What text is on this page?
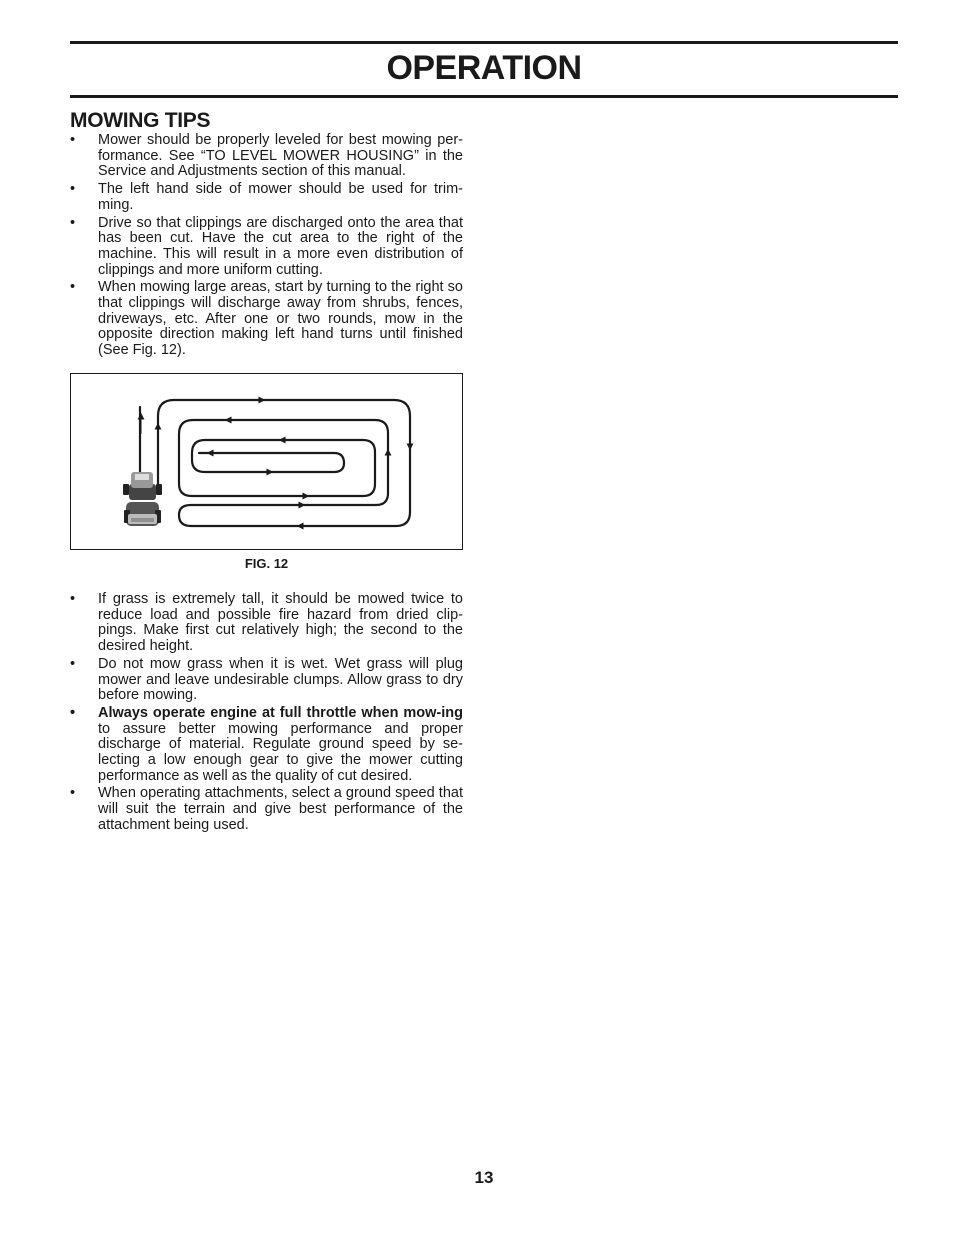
OPERATION
MOWING TIPS
• Mower should be properly leveled for best mowing per-formance. See “TO LEVEL MOWER HOUSING” in the Service and Adjustments section of this manual.
• The left hand side of mower should be used for trim-ming.
• Drive so that clippings are discharged onto the area that has been cut. Have the cut area to the right of the machine. This will result in a more even distribution of clippings and more uniform cutting.
• When mowing large areas, start by turning to the right so that clippings will discharge away from shrubs, fences, driveways, etc. After one or two rounds, mow in the opposite direction making left hand turns until finished (See Fig. 12).
FIG. 12
• If grass is extremely tall, it should be mowed twice to reduce load and possible fire hazard from dried clip-pings. Make first cut relatively high; the second to the desired height.
• Do not mow grass when it is wet. Wet grass will plug mower and leave undesirable clumps. Allow grass to dry before mowing.
• Always operate engine at full throttle when mow-ing to assure better mowing performance and proper discharge of material. Regulate ground speed by se-lecting a low enough gear to give the mower cutting performance as well as the quality of cut desired.
• When operating attachments, select a ground speed that will suit the terrain and give best performance of the attachment being used.
13
